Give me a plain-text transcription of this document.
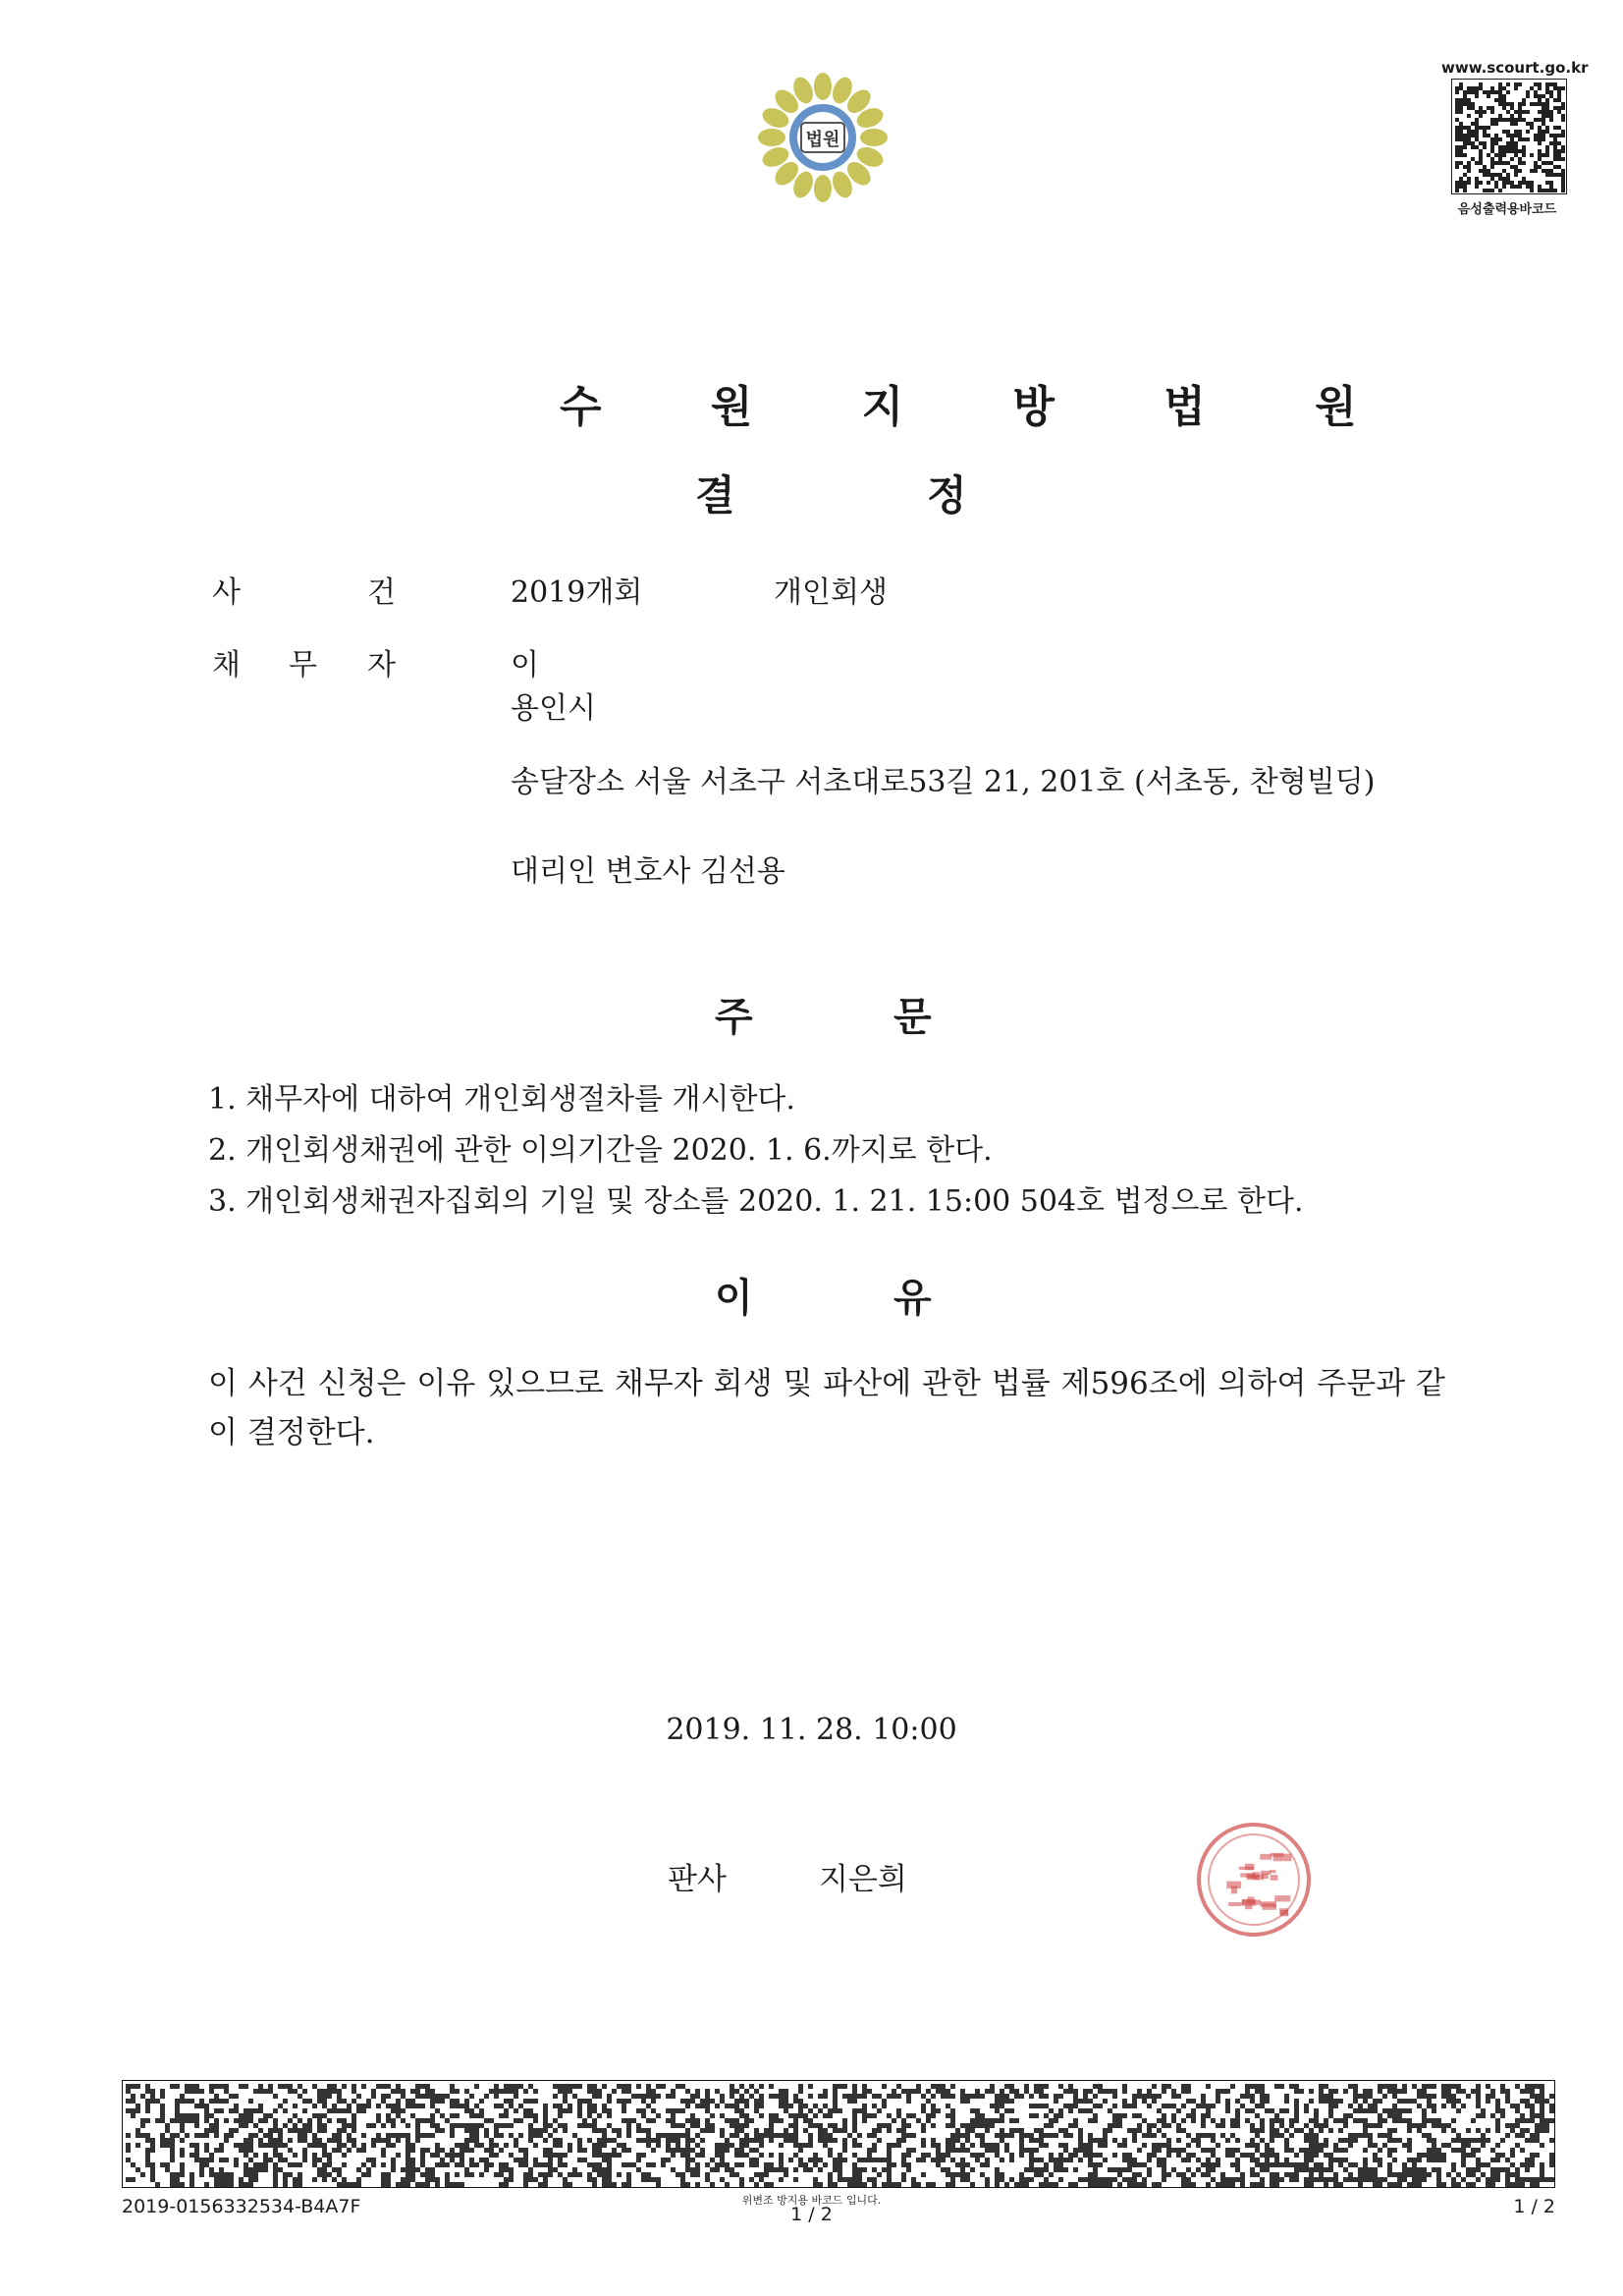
법원
www.scourt.go.kr
음성출력용바코드
수 원 지 방 법 원
결	정
사	건	2019개회	개인회생
채 무 자	이
용인시
송달장소 서울 서초구 서초대로53길 21, 201호 (서초동, 찬형빌딩)
대리인 변호사 김선용
주	문
1. 채무자에 대하여 개인회생절차를 개시한다.
2. 개인회생채권에 관한 이의기간을 2020. 1. 6.까지로 한다.
3. 개인회생채권자집회의 기일 및 장소를 2020. 1. 21. 15:00 504호 법정으로 한다.
이	유
이 사건 신청은 이유 있으므로 채무자 회생 및 파산에 관한 법률 제596조에 의하여 주문과 같이 결정한다.
2019. 11. 28. 10:00
판사	지은희
2019-0156332534-B4A7F	위변조 방지용 바코드 입니다.
1 / 2	1 / 2
